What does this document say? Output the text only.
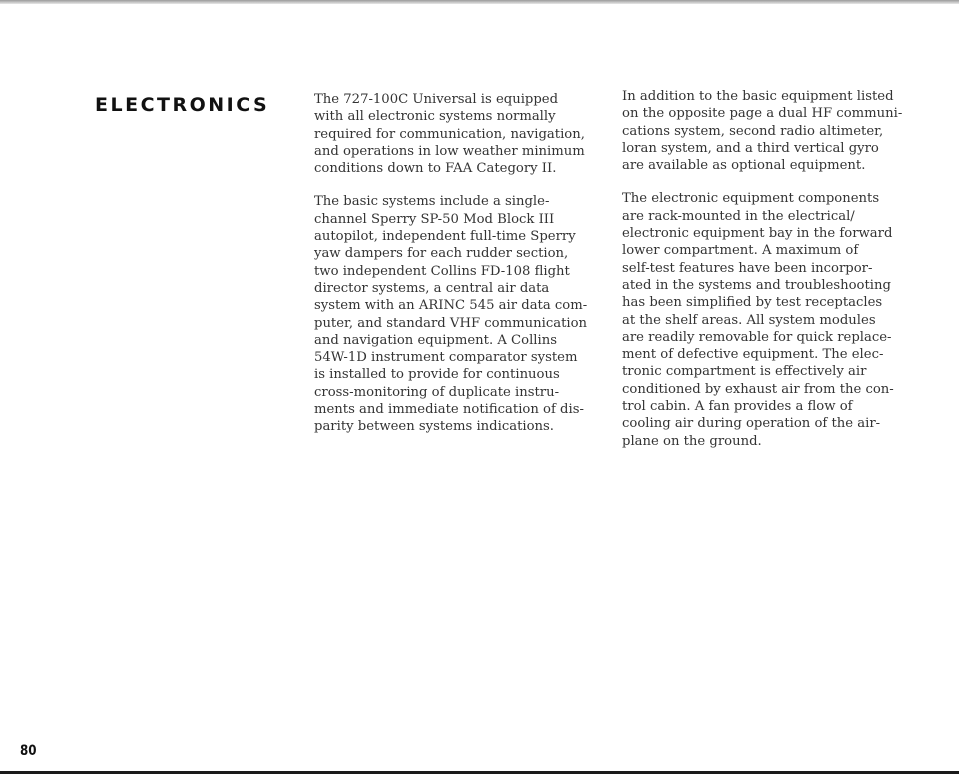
ELECTRONICS	The 727-100C Universal is equipped
with all electronic systems normally
required for communication, navigation,
and operations in low weather minimum
conditions down to FAA Category II.

The basic systems include a single-
channel Sperry SP-50 Mod Block III
autopilot, independent full-time Sperry
yaw dampers for each rudder section,
two independent Collins FD-108 flight
director systems, a central air data
system with an ARINC 545 air data com-
puter, and standard VHF communication
and navigation equipment. A Collins
54W-1D instrument comparator system
is installed to provide for continuous
cross-monitoring of duplicate instru-
ments and immediate notification of dis-
parity between systems indications.

In addition to the basic equipment listed
on the opposite page a dual HF communi-
cations system, second radio altimeter,
loran system, and a third vertical gyro
are available as optional equipment.

The electronic equipment components
are rack-mounted in the electrical/
electronic equipment bay in the forward
lower compartment. A maximum of
self-test features have been incorpor-
ated in the systems and troubleshooting
has been simplified by test receptacles
at the shelf areas. All system modules
are readily removable for quick replace-
ment of defective equipment. The elec-
tronic compartment is effectively air
conditioned by exhaust air from the con-
trol cabin. A fan provides a flow of
cooling air during operation of the air-
plane on the ground.

80
